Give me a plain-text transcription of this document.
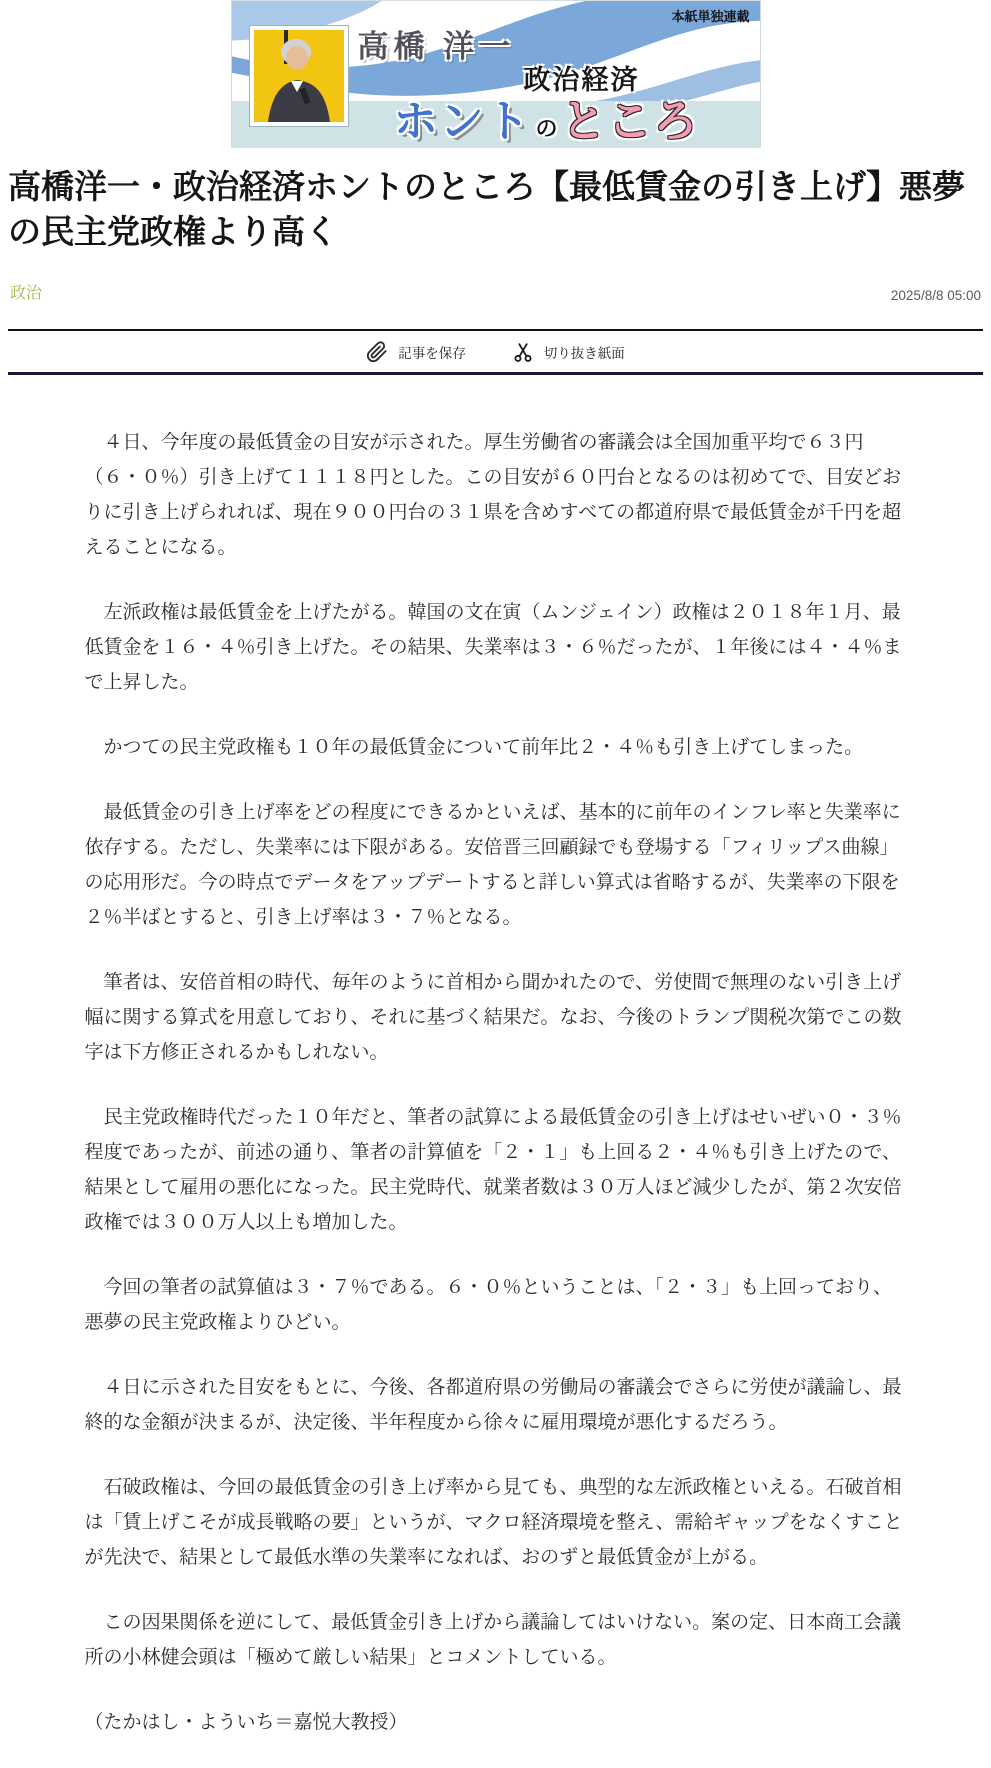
高橋 洋一
政治経済
ホント の ところ
本紙単独連載
高橋洋一・政治経済ホントのところ【最低賃金の引き上げ】悪夢の民主党政権より高く
政治	2025/8/8 05:00
記事を保存	切り抜き紙面

　４日、今年度の最低賃金の目安が示された。厚生労働省の審議会は全国加重平均で６３円（６・０％）引き上げて１１１８円とした。この目安が６０円台となるのは初めてで、目安どおりに引き上げられれば、現在９００円台の３１県を含めすべての都道府県で最低賃金が千円を超えることになる。

　左派政権は最低賃金を上げたがる。韓国の文在寅（ムンジェイン）政権は２０１８年１月、最低賃金を１６・４％引き上げた。その結果、失業率は３・６％だったが、１年後には４・４％まで上昇した。

　かつての民主党政権も１０年の最低賃金について前年比２・４％も引き上げてしまった。

　最低賃金の引き上げ率をどの程度にできるかといえば、基本的に前年のインフレ率と失業率に依存する。ただし、失業率には下限がある。安倍晋三回顧録でも登場する「フィリップス曲線」の応用形だ。今の時点でデータをアップデートすると詳しい算式は省略するが、失業率の下限を２％半ばとすると、引き上げ率は３・７％となる。

　筆者は、安倍首相の時代、毎年のように首相から聞かれたので、労使間で無理のない引き上げ幅に関する算式を用意しており、それに基づく結果だ。なお、今後のトランプ関税次第でこの数字は下方修正されるかもしれない。

　民主党政権時代だった１０年だと、筆者の試算による最低賃金の引き上げはせいぜい０・３％程度であったが、前述の通り、筆者の計算値を「２・１」も上回る２・４％も引き上げたので、結果として雇用の悪化になった。民主党時代、就業者数は３０万人ほど減少したが、第２次安倍政権では３００万人以上も増加した。

　今回の筆者の試算値は３・７％である。６・０％ということは、「２・３」も上回っており、悪夢の民主党政権よりひどい。

　４日に示された目安をもとに、今後、各都道府県の労働局の審議会でさらに労使が議論し、最終的な金額が決まるが、決定後、半年程度から徐々に雇用環境が悪化するだろう。

　石破政権は、今回の最低賃金の引き上げ率から見ても、典型的な左派政権といえる。石破首相は「賃上げこそが成長戦略の要」というが、マクロ経済環境を整え、需給ギャップをなくすことが先決で、結果として最低水準の失業率になれば、おのずと最低賃金が上がる。

　この因果関係を逆にして、最低賃金引き上げから議論してはいけない。案の定、日本商工会議所の小林健会頭は「極めて厳しい結果」とコメントしている。

（たかはし・よういち＝嘉悦大教授）
